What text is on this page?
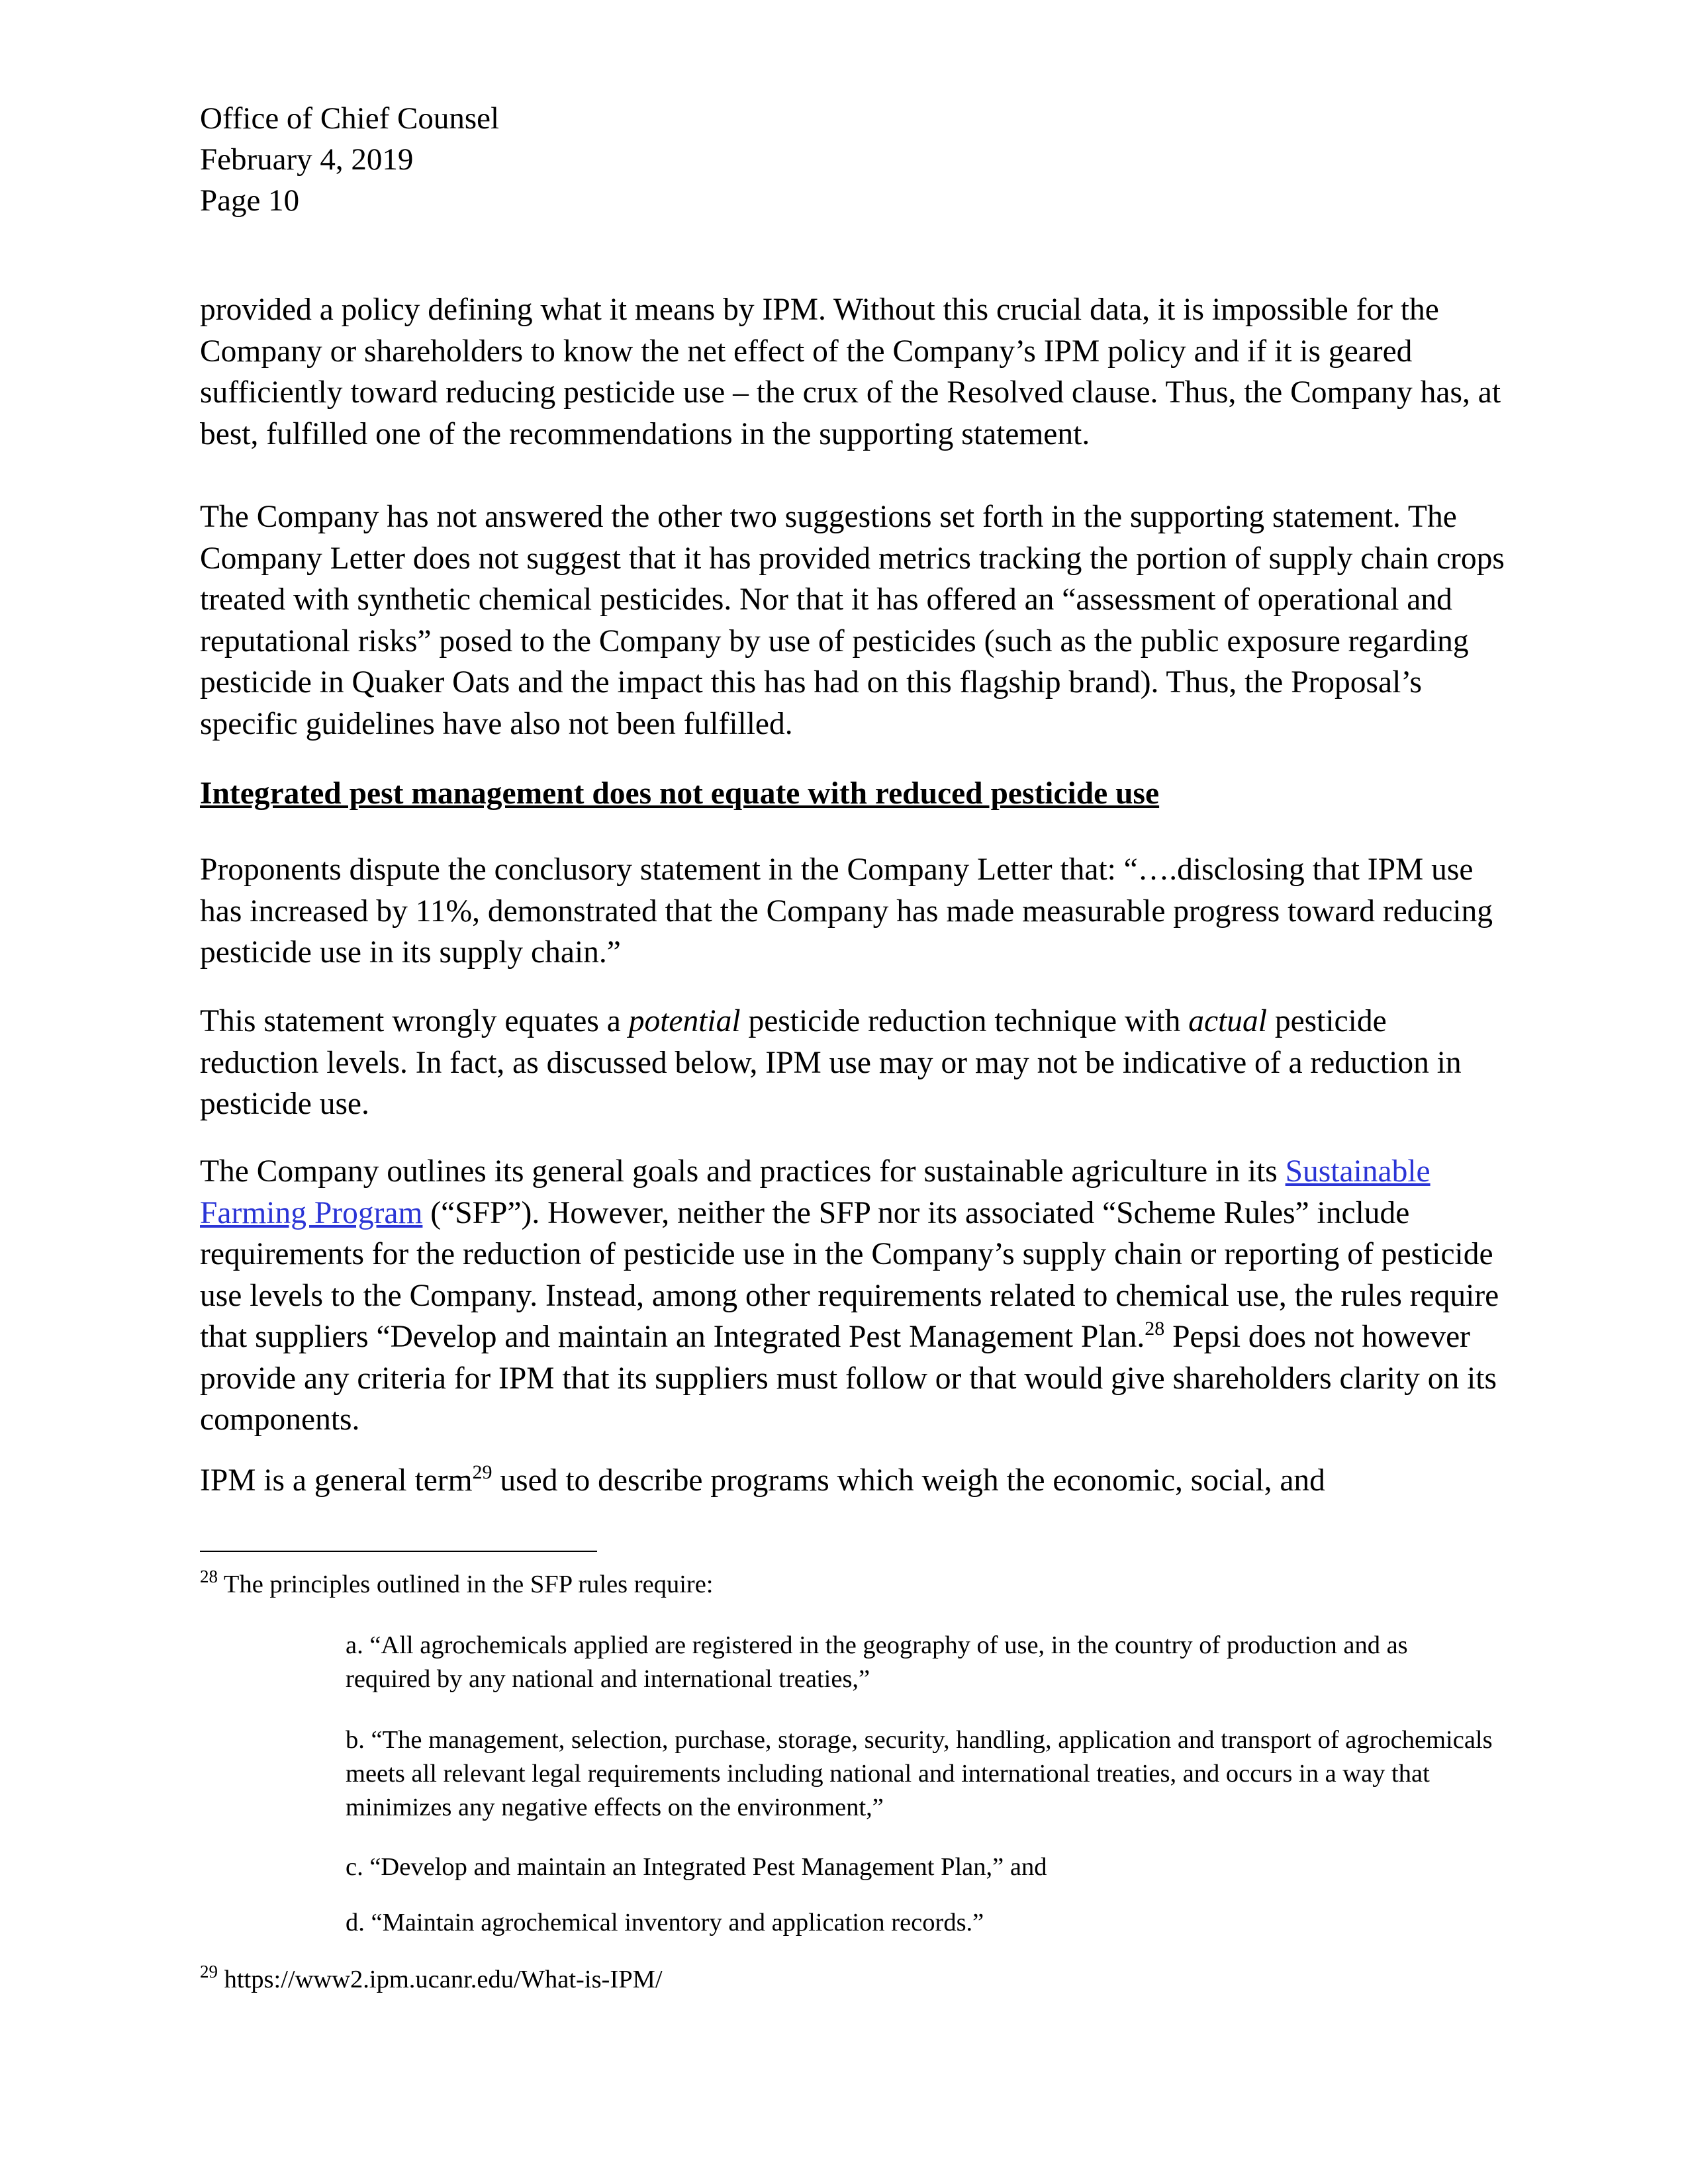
Office of Chief Counsel
February 4, 2019
Page 10

provided a policy defining what it means by IPM. Without this crucial data, it is impossible for the Company or shareholders to know the net effect of the Company’s IPM policy and if it is geared sufficiently toward reducing pesticide use – the crux of the Resolved clause. Thus, the Company has, at best, fulfilled one of the recommendations in the supporting statement.

The Company has not answered the other two suggestions set forth in the supporting statement. The Company Letter does not suggest that it has provided metrics tracking the portion of supply chain crops treated with synthetic chemical pesticides. Nor that it has offered an “assessment of operational and reputational risks” posed to the Company by use of pesticides (such as the public exposure regarding pesticide in Quaker Oats and the impact this has had on this flagship brand). Thus, the Proposal’s specific guidelines have also not been fulfilled.

Integrated pest management does not equate with reduced pesticide use

Proponents dispute the conclusory statement in the Company Letter that: “….disclosing that IPM use has increased by 11%, demonstrated that the Company has made measurable progress toward reducing pesticide use in its supply chain.”

This statement wrongly equates a potential pesticide reduction technique with actual pesticide reduction levels. In fact, as discussed below, IPM use may or may not be indicative of a reduction in pesticide use.

The Company outlines its general goals and practices for sustainable agriculture in its Sustainable Farming Program (“SFP”). However, neither the SFP nor its associated “Scheme Rules” include requirements for the reduction of pesticide use in the Company’s supply chain or reporting of pesticide use levels to the Company. Instead, among other requirements related to chemical use, the rules require that suppliers “Develop and maintain an Integrated Pest Management Plan.$^{28}$ Pepsi does not however provide any criteria for IPM that its suppliers must follow or that would give shareholders clarity on its components.

IPM is a general term$^{29}$ used to describe programs which weigh the economic, social, and

$^{28}$ The principles outlined in the SFP rules require:

a. “All agrochemicals applied are registered in the geography of use, in the country of production and as required by any national and international treaties,”

b. “The management, selection, purchase, storage, security, handling, application and transport of agrochemicals meets all relevant legal requirements including national and international treaties, and occurs in a way that minimizes any negative effects on the environment,”

c. “Develop and maintain an Integrated Pest Management Plan,” and

d. “Maintain agrochemical inventory and application records.”

$^{29}$ https://www2.ipm.ucanr.edu/What-is-IPM/
